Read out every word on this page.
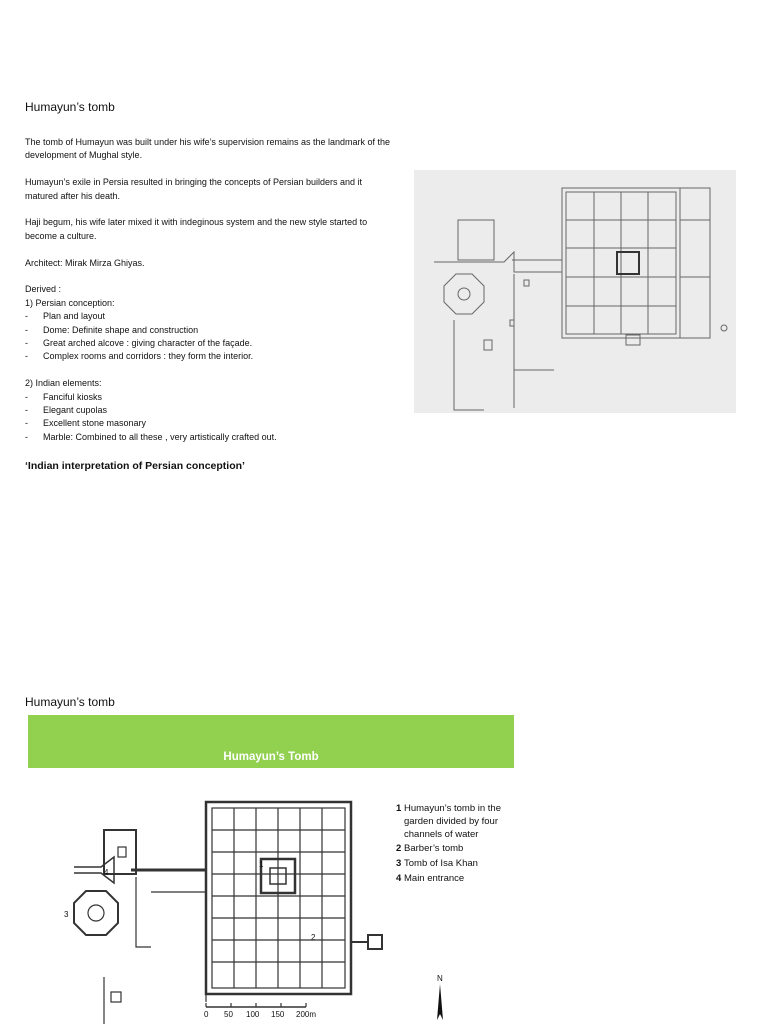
Humayun’s tomb

The tomb of Humayun was built under his wife’s supervision remains as the landmark of the development of Mughal style.

Humayun’s exile in Persia resulted in bringing the concepts of Persian builders and it matured after his death.

Haji begum, his wife later mixed it with indeginous system and the new style started to become a culture.

Architect: Mirak Mirza Ghiyas.

Derived :
1) Persian conception:
-	Plan and layout
-	Dome: Definite shape and construction
-	Great arched alcove : giving character of the façade.
-	Complex rooms and corridors : they form the interior.
2) Indian elements:
-	Fanciful kiosks
-	Elegant cupolas
-	Excellent stone masonary
-	Marble: Combined to all these , very artistically crafted out.
‘Indian interpretation of Persian conception’
Humayun’s tomb
Humayun’s Tomb
1
2
3
4
0 50 100 150 200m
1 Humayun’s tomb in the garden divided by four channels of water
2 Barber’s tomb
3 Tomb of Isa Khan
4 Main entrance
N
